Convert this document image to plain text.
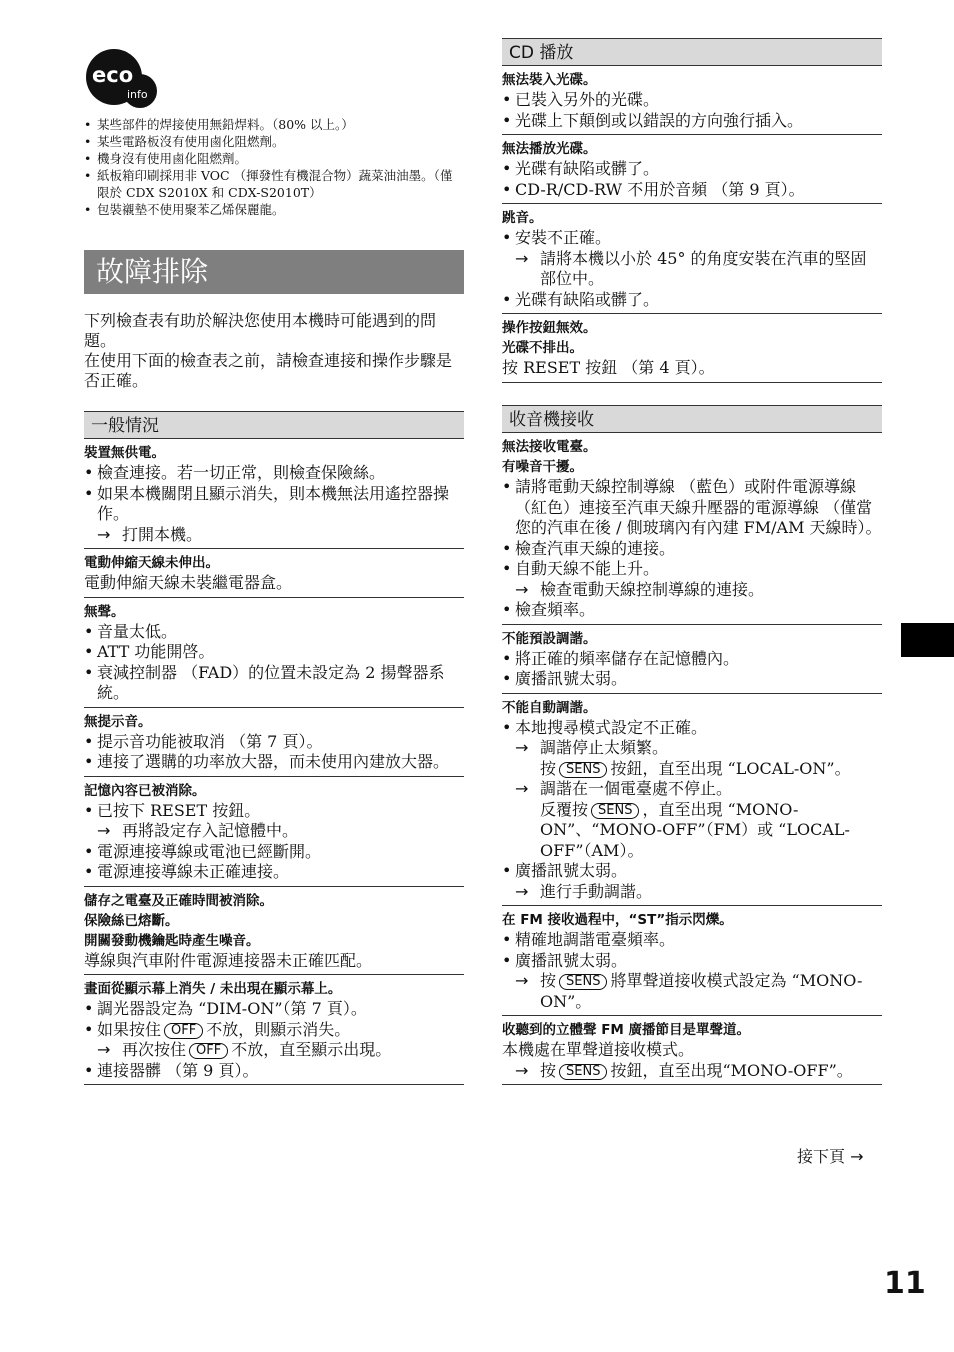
eco
info
• 某些部件的焊接使用無鉛焊料。（80% 以上。）
• 某些電路板沒有使用鹵化阻燃劑。
• 機身沒有使用鹵化阻燃劑。
• 紙板箱印刷採用非 VOC （揮發性有機混合物）蔬菜油油墨。（僅限於 CDX S2010X 和 CDX-S2010T）
• 包裝襯墊不使用聚苯乙烯保麗龍。
故障排除

下列檢查表有助於解決您使用本機時可能遇到的問題。

在使用下面的檢查表之前，請檢查連接和操作步驟是否正確。

一般情況
裝置無供電。
• 檢查連接。若一切正常，則檢查保險絲。
• 如果本機關閉且顯示消失，則本機無法用遙控器操作。
→ 打開本機。
電動伸縮天線未伸出。
電動伸縮天線未裝繼電器盒。
無聲。
• 音量太低。
• ATT 功能開啓。
• 衰減控制器 （FAD）的位置未設定為 2 揚聲器系統。
無提示音。
• 提示音功能被取消 （第 7 頁）。
• 連接了選購的功率放大器，而未使用內建放大器。
記憶內容已被消除。
• 已按下 RESET 按鈕。
→ 再將設定存入記憶體中。
• 電源連接導線或電池已經斷開。
• 電源連接導線未正確連接。
儲存之電臺及正確時間被消除。
保險絲已熔斷。
開關發動機鑰匙時產生噪音。
導線與汽車附件電源連接器未正確匹配。
畫面從顯示幕上消失 / 未出現在顯示幕上。
• 調光器設定為 “DIM-ON”（第 7 頁）。
• 如果按住 OFF 不放，則顯示消失。
→ 再次按住 OFF 不放，直至顯示出現。
• 連接器髒 （第 9 頁）。
CD 播放
無法裝入光碟。
• 已裝入另外的光碟。
• 光碟上下顛倒或以錯誤的方向強行插入。
無法播放光碟。
• 光碟有缺陷或髒了。
• CD-R/CD-RW 不用於音頻 （第 9 頁）。
跳音。
• 安裝不正確。
→ 請將本機以小於 45° 的角度安裝在汽車的堅固部位中。
• 光碟有缺陷或髒了。
操作按鈕無效。
光碟不排出。
按 RESET 按鈕 （第 4 頁）。
收音機接收
無法接收電臺。
有噪音干擾。
• 請將電動天線控制導線 （藍色）或附件電源導線 （紅色）連接至汽車天線升壓器的電源導線 （僅當您的汽車在後 / 側玻璃內有內建 FM/AM 天線時）。
• 檢查汽車天線的連接。
• 自動天線不能上升。
→ 檢查電動天線控制導線的連接。
• 檢查頻率。
不能預設調諧。
• 將正確的頻率儲存在記憶體內。
• 廣播訊號太弱。
不能自動調諧。
• 本地搜尋模式設定不正確。
→ 調諧停止太頻繁。
按 SENS 按鈕，直至出現 “LOCAL-ON”。
→ 調諧在一個電臺處不停止。
反覆按 SENS ，直至出現 “MONO-ON”、“MONO-OFF”（FM）或 “LOCAL-OFF”（AM）。
• 廣播訊號太弱。
→ 進行手動調諧。
在 FM 接收過程中，“ST”指示閃爍。
• 精確地調諧電臺頻率。
• 廣播訊號太弱。
→ 按 SENS 將單聲道接收模式設定為 “MONO-ON”。
收聽到的立體聲 FM 廣播節目是單聲道。
本機處在單聲道接收模式。
→ 按 SENS 按鈕，直至出現“MONO-OFF”。
接下頁 →
11
